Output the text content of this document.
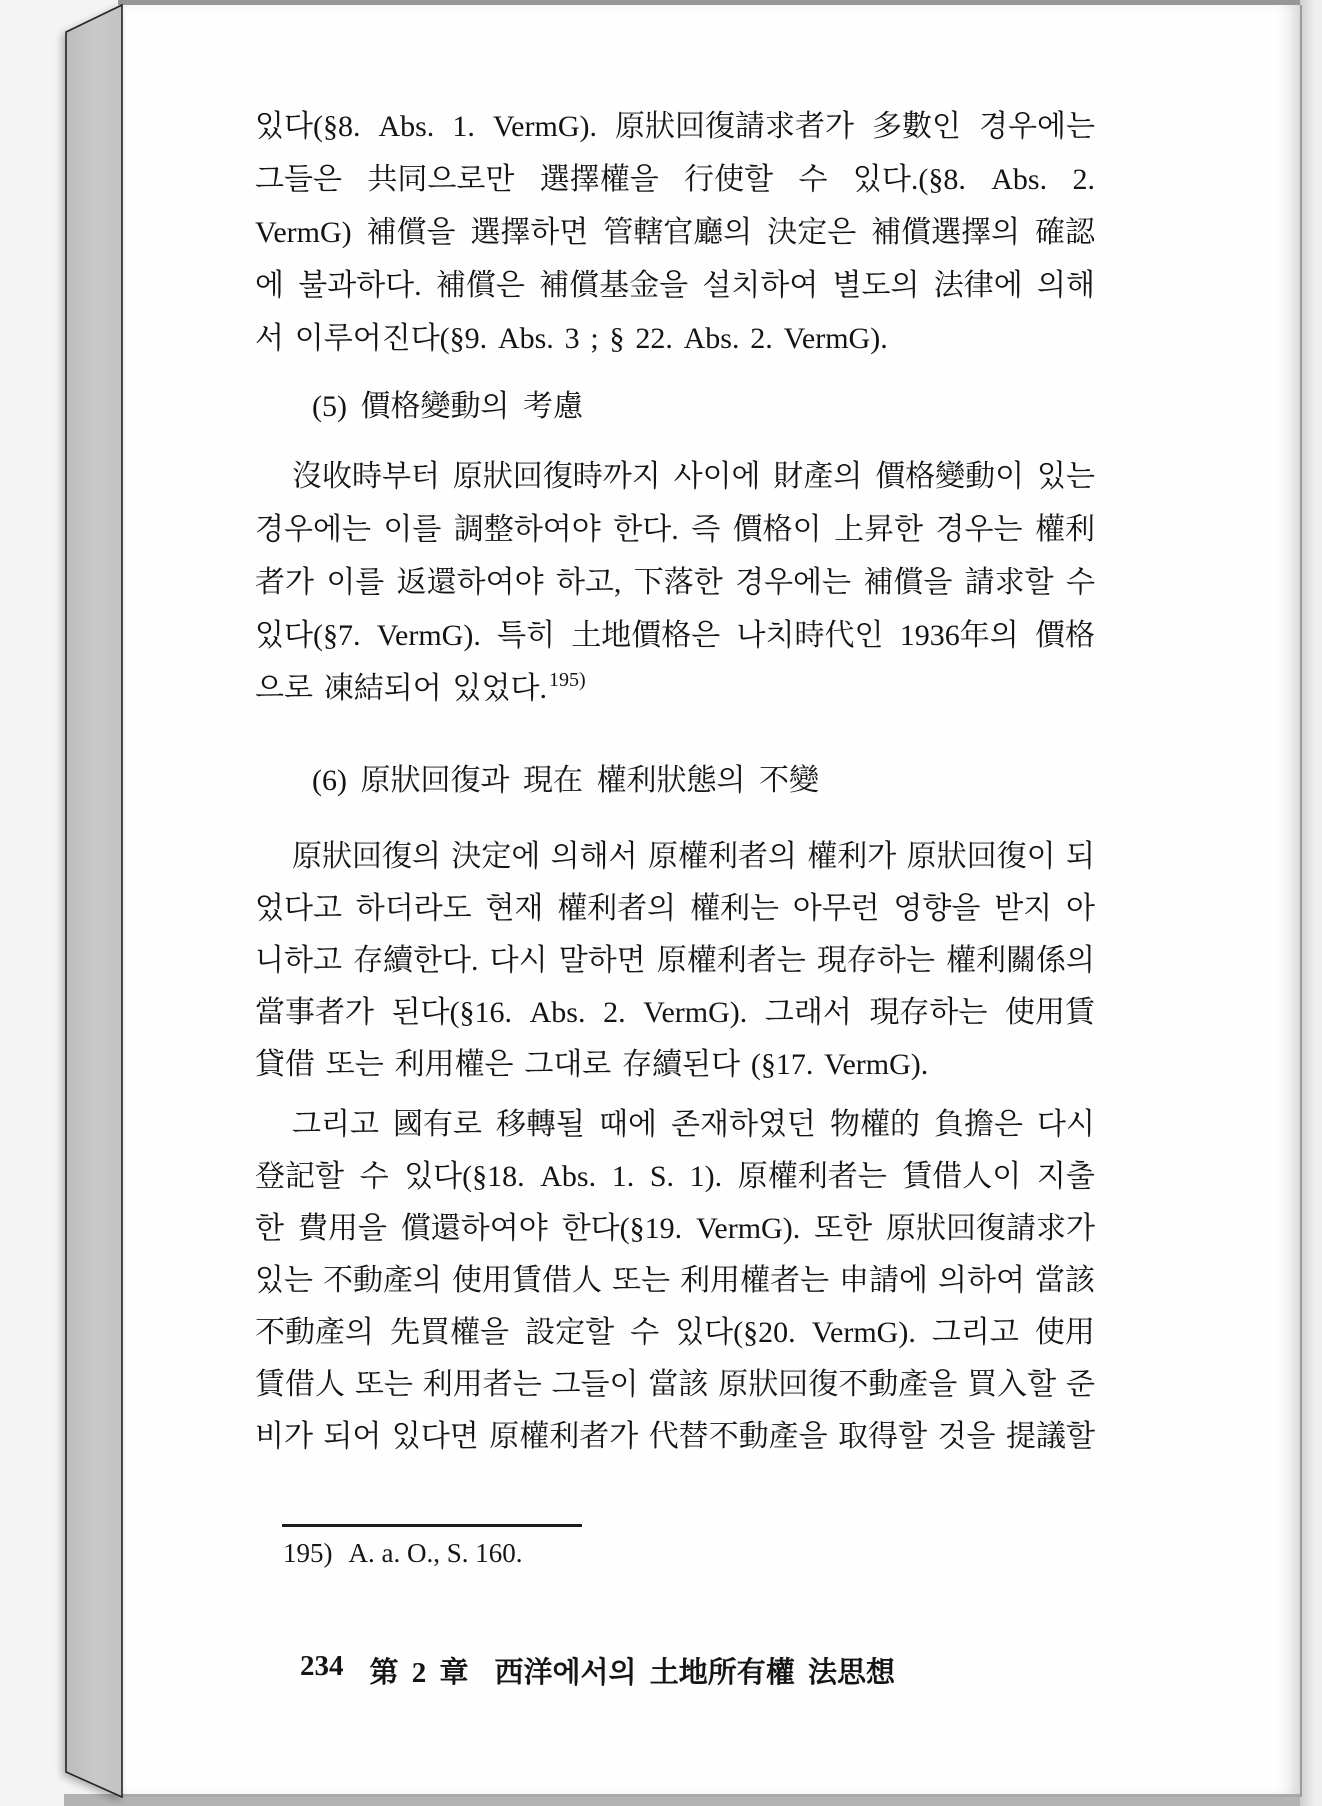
있다(§8. Abs. 1. VermG). 原狀回復請求者가 多數인 경우에는
그들은 共同으로만 選擇權을 行使할 수 있다.(§8. Abs. 2.
VermG) 補償을 選擇하면 管轄官廳의 決定은 補償選擇의 確認
에 불과하다. 補償은 補償基金을 설치하여 별도의 法律에 의해
서 이루어진다(§9. Abs. 3 ; § 22. Abs. 2. VermG).
(5) 價格變動의 考慮
沒收時부터 原狀回復時까지 사이에 財產의 價格變動이 있는
경우에는 이를 調整하여야 한다. 즉 價格이 上昇한 경우는 權利
者가 이를 返還하여야 하고, 下落한 경우에는 補償을 請求할 수
있다(§7. VermG). 특히 土地價格은 나치時代인 1936年의 價格
으로 凍結되어 있었다. $^{195)}$
(6) 原狀回復과 現在 權利狀態의 不變
原狀回復의 決定에 의해서 原權利者의 權利가 原狀回復이 되
었다고 하더라도 현재 權利者의 權利는 아무런 영향을 받지 아
니하고 存續한다. 다시 말하면 原權利者는 現存하는 權利關係의
當事者가 된다(§16. Abs. 2. VermG). 그래서 現存하는 使用賃
貸借 또는 利用權은 그대로 存續된다 (§17. VermG).
그리고 國有로 移轉될 때에 존재하였던 物權的 負擔은 다시
登記할 수 있다(§18. Abs. 1. S. 1). 原權利者는 賃借人이 지출
한 費用을 償還하여야 한다(§19. VermG). 또한 原狀回復請求가
있는 不動產의 使用賃借人 또는 利用權者는 申請에 의하여 當該
不動產의 先買權을 設定할 수 있다(§20. VermG). 그리고 使用
賃借人 또는 利用者는 그들이 當該 原狀回復不動產을 買入할 준
비가 되어 있다면 原權利者가 代替不動產을 取得할 것을 提議할
195) A. a. O., S. 160.
234 第 2 章 西洋에서의 土地所有權 法思想
